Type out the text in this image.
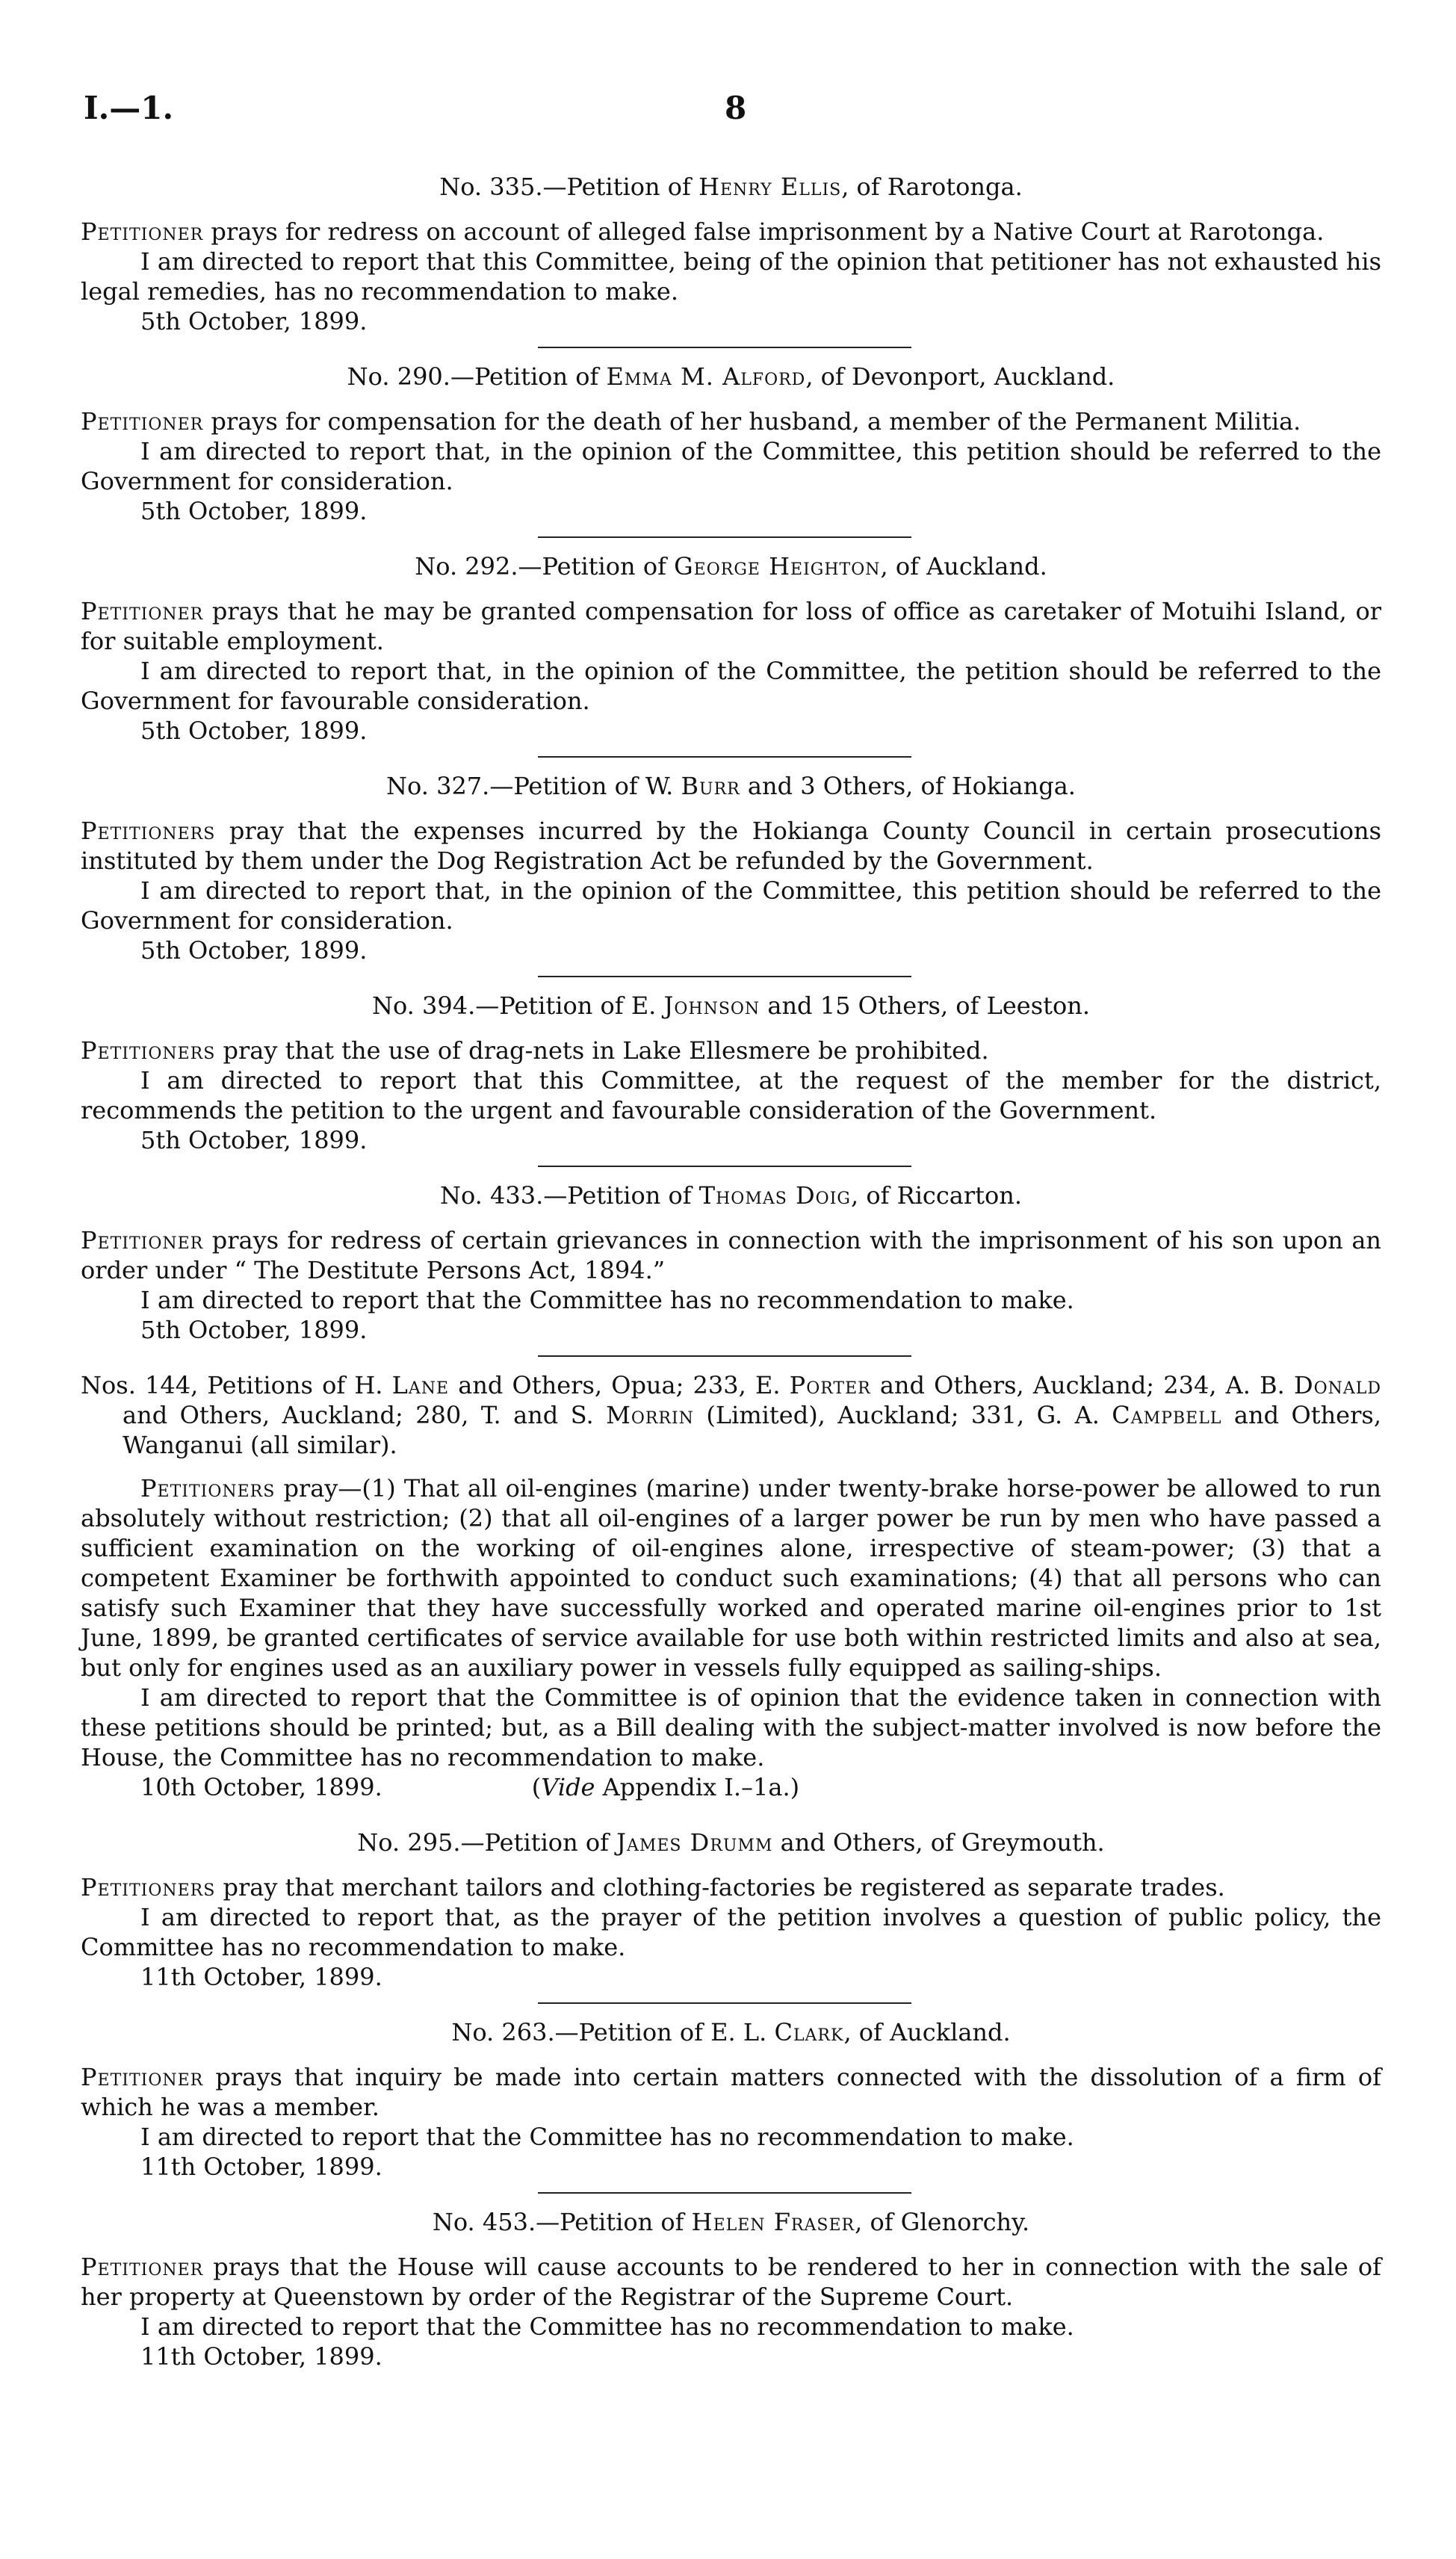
I.—1.	8

No. 335.—Petition of Henry Ellis, of Rarotonga.

Petitioner prays for redress on account of alleged false imprisonment by a Native Court at Rarotonga.

I am directed to report that this Committee, being of the opinion that petitioner has not exhausted his legal remedies, has no recommendation to make.

5th October, 1899.

No. 290.—Petition of Emma M. Alford, of Devonport, Auckland.

Petitioner prays for compensation for the death of her husband, a member of the Permanent Militia.

I am directed to report that, in the opinion of the Committee, this petition should be referred to the Government for consideration.

5th October, 1899.

No. 292.—Petition of George Heighton, of Auckland.

Petitioner prays that he may be granted compensation for loss of office as caretaker of Motuihi Island, or for suitable employment.

I am directed to report that, in the opinion of the Committee, the petition should be referred to the Government for favourable consideration.

5th October, 1899.

No. 327.—Petition of W. Burr and 3 Others, of Hokianga.

Petitioners pray that the expenses incurred by the Hokianga County Council in certain prosecutions instituted by them under the Dog Registration Act be refunded by the Government.

I am directed to report that, in the opinion of the Committee, this petition should be referred to the Government for consideration.

5th October, 1899.

No. 394.—Petition of E. Johnson and 15 Others, of Leeston.

Petitioners pray that the use of drag-nets in Lake Ellesmere be prohibited.

I am directed to report that this Committee, at the request of the member for the district, recommends the petition to the urgent and favourable consideration of the Government.

5th October, 1899.

No. 433.—Petition of Thomas Doig, of Riccarton.

Petitioner prays for redress of certain grievances in connection with the imprisonment of his son upon an order under “ The Destitute Persons Act, 1894.”

I am directed to report that the Committee has no recommendation to make.

5th October, 1899.

Nos. 144, Petitions of H. Lane and Others, Opua; 233, E. Porter and Others, Auckland; 234, A. B. Donald and Others, Auckland; 280, T. and S. Morrin (Limited), Auckland; 331, G. A. Campbell and Others, Wanganui (all similar).

Petitioners pray—(1) That all oil-engines (marine) under twenty-brake horse-power be allowed to run absolutely without restriction; (2) that all oil-engines of a larger power be run by men who have passed a sufficient examination on the working of oil-engines alone, irrespective of steam-power; (3) that a competent Examiner be forthwith appointed to conduct such examinations; (4) that all persons who can satisfy such Examiner that they have successfully worked and operated marine oil-engines prior to 1st June, 1899, be granted certificates of service available for use both within restricted limits and also at sea, but only for engines used as an auxiliary power in vessels fully equipped as sailing-ships.

I am directed to report that the Committee is of opinion that the evidence taken in connection with these petitions should be printed; but, as a Bill dealing with the subject-matter involved is now before the House, the Committee has no recommendation to make.

10th October, 1899.	(Vide Appendix I.–1a.)

No. 295.—Petition of James Drumm and Others, of Greymouth.

Petitioners pray that merchant tailors and clothing-factories be registered as separate trades.

I am directed to report that, as the prayer of the petition involves a question of public policy, the Committee has no recommendation to make.

11th October, 1899.

No. 263.—Petition of E. L. Clark, of Auckland.

Petitioner prays that inquiry be made into certain matters connected with the dissolution of a firm of which he was a member.

I am directed to report that the Committee has no recommendation to make.

11th October, 1899.

No. 453.—Petition of Helen Fraser, of Glenorchy.

Petitioner prays that the House will cause accounts to be rendered to her in connection with the sale of her property at Queenstown by order of the Registrar of the Supreme Court.

I am directed to report that the Committee has no recommendation to make.

11th October, 1899.
